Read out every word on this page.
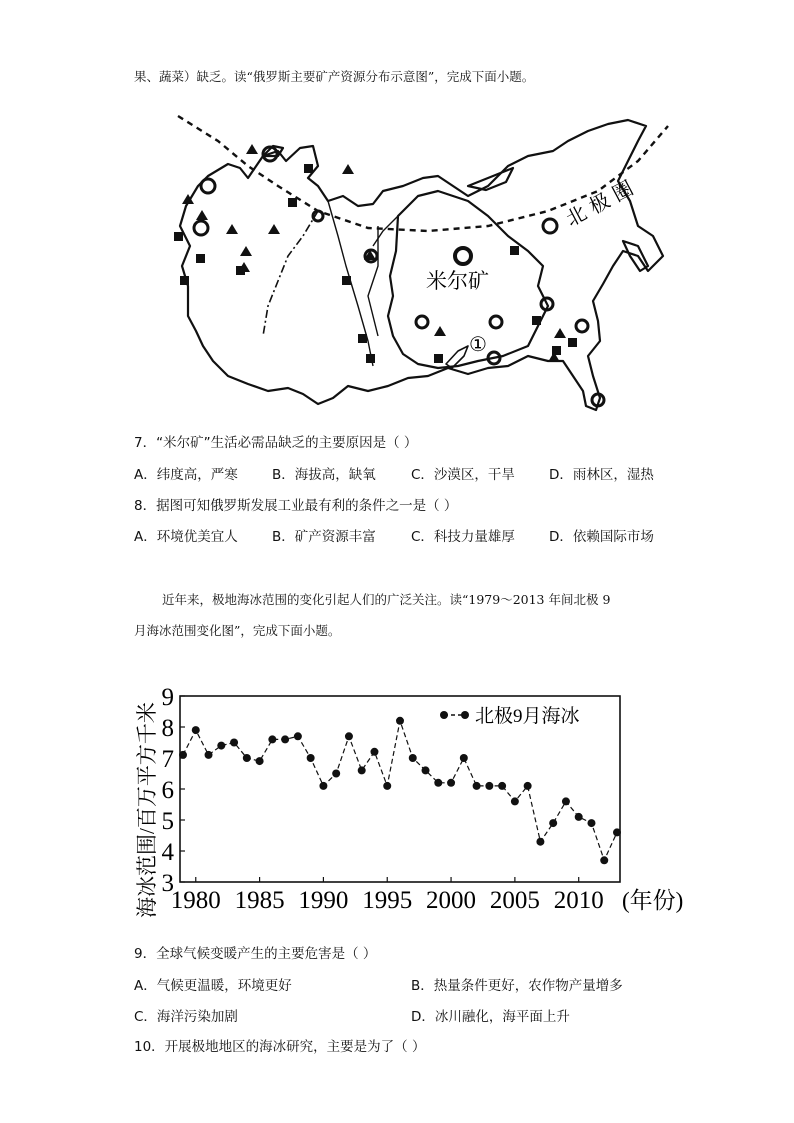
果、蔬菜）缺乏。读“俄罗斯主要矿产资源分布示意图”，完成下面小题。
北 极 圈
米尔矿
①
7．“米尔矿”生活必需品缺乏的主要原因是（ ）
A．纬度高，严寒	B．海拔高，缺氧	C．沙漠区，干旱	D．雨林区，湿热
8．据图可知俄罗斯发展工业最有利的条件之一是（ ）
A．环境优美宜人	B．矿产资源丰富	C．科技力量雄厚	D．依赖国际市场
近年来，极地海冰范围的变化引起人们的广泛关注。读“1979～2013 年间北极 9
月海冰范围变化图”，完成下面小题。
海冰范围/百万平方千米	北极9月海冰
3
4
5
6
7
8
9
1980 1985 1990 1995 2000 2005 2010 (年份)
9．全球气候变暖产生的主要危害是（ ）
A．气候更温暖，环境更好	B．热量条件更好，农作物产量增多
C．海洋污染加剧	D．冰川融化，海平面上升
10．开展极地地区的海冰研究，主要是为了（ ）
